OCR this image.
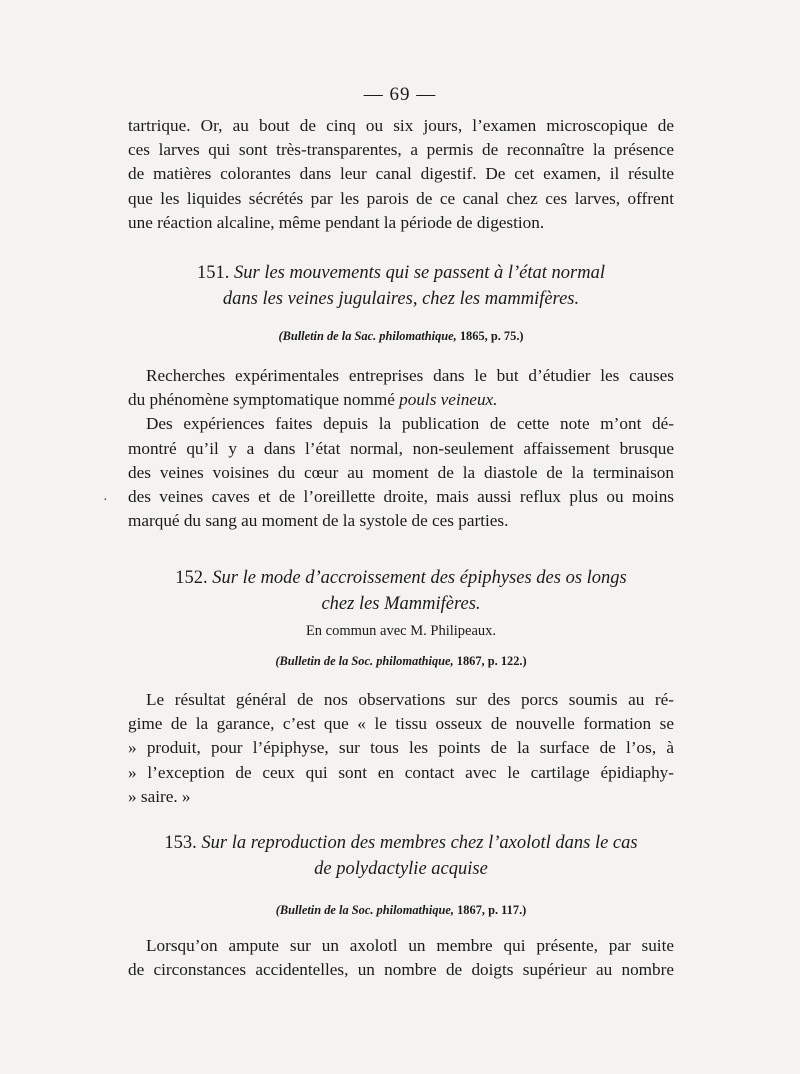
— 69 —
tartrique. Or, au bout de cinq ou six jours, l’examen microscopique de
ces larves qui sont très-transparentes, a permis de reconnaître la présence
de matières colorantes dans leur canal digestif. De cet examen, il résulte
que les liquides sécrétés par les parois de ce canal chez ces larves, offrent
une réaction alcaline, même pendant la période de digestion.
151. Sur les mouvements qui se passent à l’état normal
dans les veines jugulaires, chez les mammifères.
(Bulletin de la Sac. philomathique, 1865, p. 75.)
Recherches expérimentales entreprises dans le but d’étudier les causes
du phénomène symptomatique nommé pouls veineux.
Des expériences faites depuis la publication de cette note m’ont dé-
montré qu’il y a dans l’état normal, non-seulement affaissement brusque
des veines voisines du cœur au moment de la diastole de la terminaison
des veines caves et de l’oreillette droite, mais aussi reflux plus ou moins
marqué du sang au moment de la systole de ces parties.
·
152. Sur le mode d’accroissement des épiphyses des os longs
chez les Mammifères.
En commun avec M. Philipeaux.
(Bulletin de la Soc. philomathique, 1867, p. 122.)
Le résultat général de nos observations sur des porcs soumis au ré-
gime de la garance, c’est que « le tissu osseux de nouvelle formation se
» produit, pour l’épiphyse, sur tous les points de la surface de l’os, à
» l’exception de ceux qui sont en contact avec le cartilage épidiaphy-
» saire. »
153. Sur la reproduction des membres chez l’axolotl dans le cas
de polydactylie acquise
(Bulletin de la Soc. philomathique, 1867, p. 117.)
Lorsqu’on ampute sur un axolotl un membre qui présente, par suite
de circonstances accidentelles, un nombre de doigts supérieur au nombre
